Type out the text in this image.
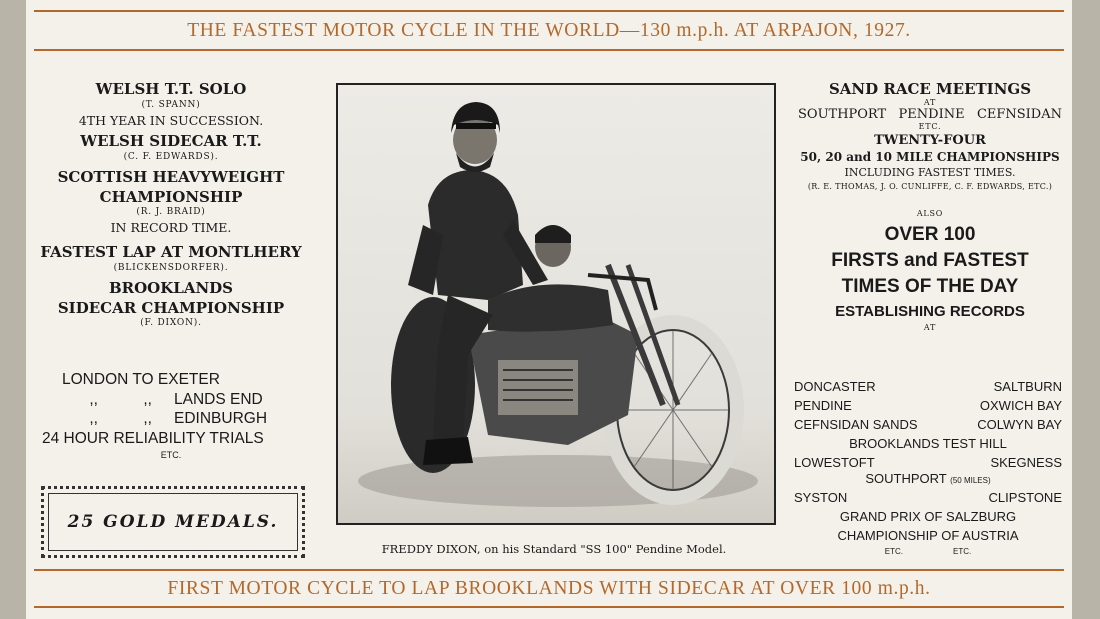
THE FASTEST MOTOR CYCLE IN THE WORLD—130 m.p.h. AT ARPAJON, 1927.
WELSH T.T. SOLO
(T. SPANN)
4TH YEAR IN SUCCESSION.
WELSH SIDECAR T.T.
(C. F. EDWARDS).
SCOTTISH HEAVYWEIGHT
CHAMPIONSHIP
(R. J. BRAID)
IN RECORD TIME.
FASTEST LAP AT MONTLHERY
(BLICKENSDORFER).
BROOKLANDS
SIDECAR CHAMPIONSHIP
(F. DIXON).
LONDON TO EXETER
,,	,, LANDS END
,,	,, EDINBURGH
24 HOUR RELIABILITY TRIALS
ETC.
25 GOLD MEDALS.
FREDDY DIXON, on his Standard "SS 100" Pendine Model.
SAND RACE MEETINGS
AT
SOUTHPORT PENDINE CEFNSIDAN
ETC.
TWENTY-FOUR
50, 20 and 10 MILE CHAMPIONSHIPS
INCLUDING FASTEST TIMES.
(R. E. THOMAS, J. O. CUNLIFFE, C. F. EDWARDS, ETC.)
ALSO
OVER 100
FIRSTS and FASTEST
TIMES OF THE DAY
ESTABLISHING RECORDS
AT
DONCASTER	SALTBURN
PENDINE	OXWICH BAY
CEFNSIDAN SANDS	COLWYN BAY
BROOKLANDS TEST HILL
LOWESTOFT	SKEGNESS
SOUTHPORT (50 MILES)
SYSTON	CLIPSTONE
GRAND PRIX OF SALZBURG
CHAMPIONSHIP OF AUSTRIA
ETC.	ETC.
FIRST MOTOR CYCLE TO LAP BROOKLANDS WITH SIDECAR AT OVER 100 m.p.h.
